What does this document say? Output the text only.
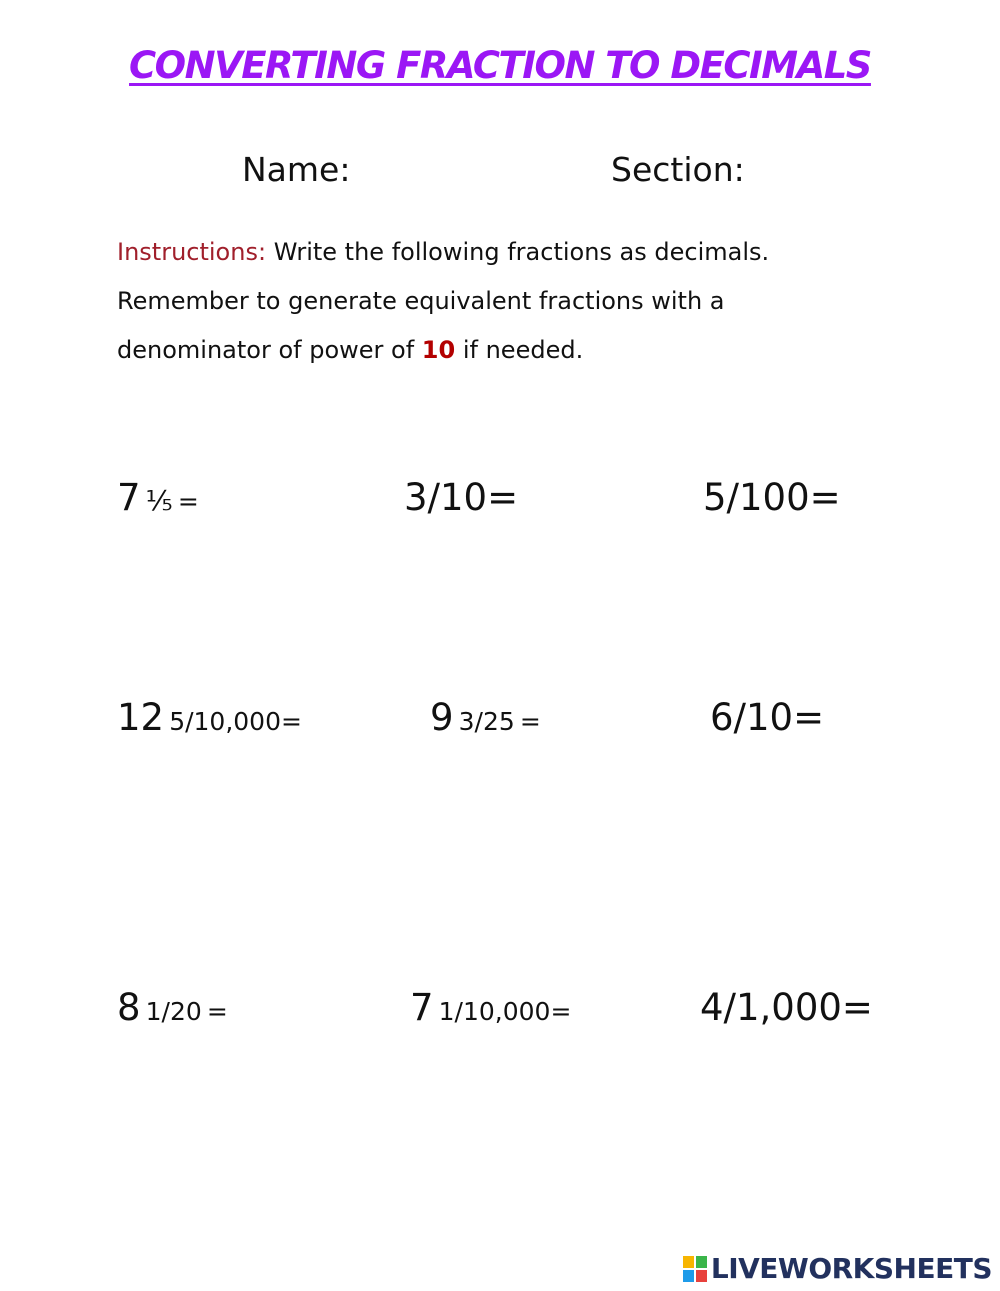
CONVERTING FRACTION TO DECIMALS
Name:	Section:
Instructions: Write the following fractions as decimals.
Remember to generate equivalent fractions with a
denominator of power of 10 if needed.
7 ⅕ =	3/10=	5/100=
12 5/10,000=	9 3/25 =	6/10=
8 1/20 =	7 1/10,000=	4/1,000=
LIVEWORKSHEETS
